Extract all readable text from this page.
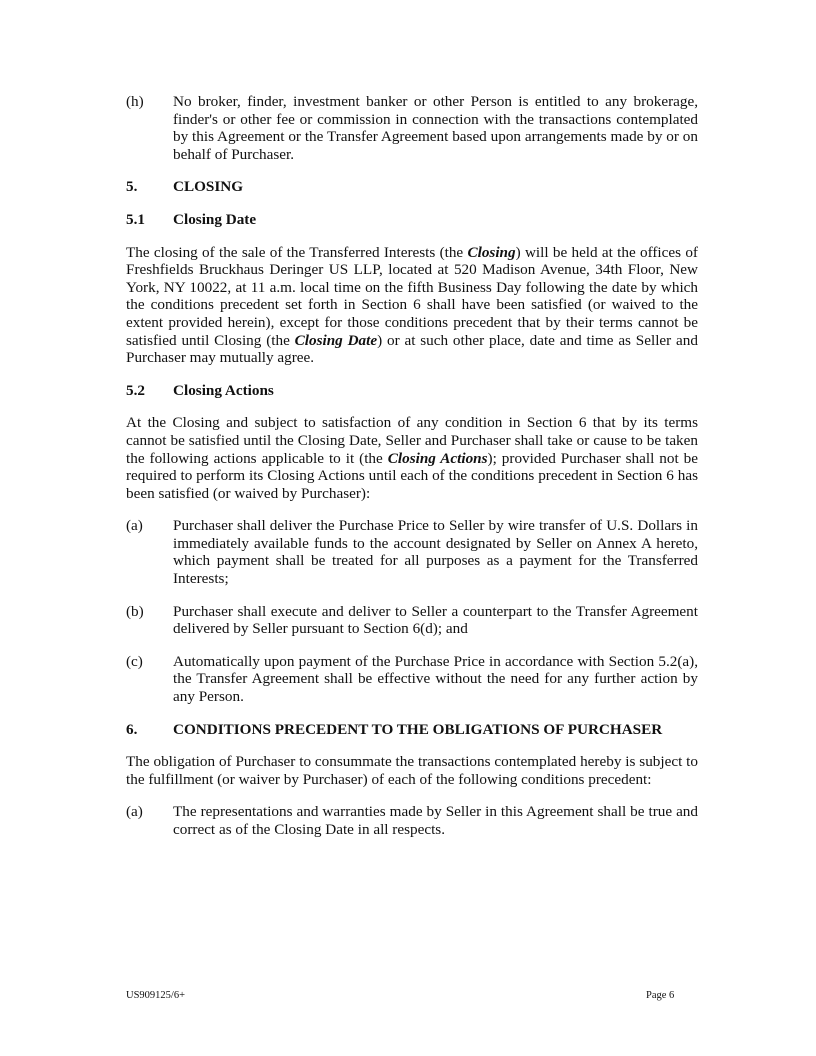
(h)	No broker, finder, investment banker or other Person is entitled to any brokerage, finder's or other fee or commission in connection with the transactions contemplated by this Agreement or the Transfer Agreement based upon arrangements made by or on behalf of Purchaser.
5.	CLOSING
5.1	Closing Date

The closing of the sale of the Transferred Interests (the Closing) will be held at the offices of Freshfields Bruckhaus Deringer US LLP, located at 520 Madison Avenue, 34th Floor, New York, NY 10022, at 11 a.m. local time on the fifth Business Day following the date by which the conditions precedent set forth in Section 6 shall have been satisfied (or waived to the extent provided herein), except for those conditions precedent that by their terms cannot be satisfied until Closing (the Closing Date) or at such other place, date and time as Seller and Purchaser may mutually agree.

5.2	Closing Actions

At the Closing and subject to satisfaction of any condition in Section 6 that by its terms cannot be satisfied until the Closing Date, Seller and Purchaser shall take or cause to be taken the following actions applicable to it (the Closing Actions); provided Purchaser shall not be required to perform its Closing Actions until each of the conditions precedent in Section 6 has been satisfied (or waived by Purchaser):

(a)	Purchaser shall deliver the Purchase Price to Seller by wire transfer of U.S. Dollars in immediately available funds to the account designated by Seller on Annex A hereto, which payment shall be treated for all purposes as a payment for the Transferred Interests;
(b)	Purchaser shall execute and deliver to Seller a counterpart to the Transfer Agreement delivered by Seller pursuant to Section 6(d); and
(c)	Automatically upon payment of the Purchase Price in accordance with Section 5.2(a), the Transfer Agreement shall be effective without the need for any further action by any Person.
6.	CONDITIONS PRECEDENT TO THE OBLIGATIONS OF PURCHASER

The obligation of Purchaser to consummate the transactions contemplated hereby is subject to the fulfillment (or waiver by Purchaser) of each of the following conditions precedent:

(a)	The representations and warranties made by Seller in this Agreement shall be true and correct as of the Closing Date in all respects.
US909125/6+	Page 6
